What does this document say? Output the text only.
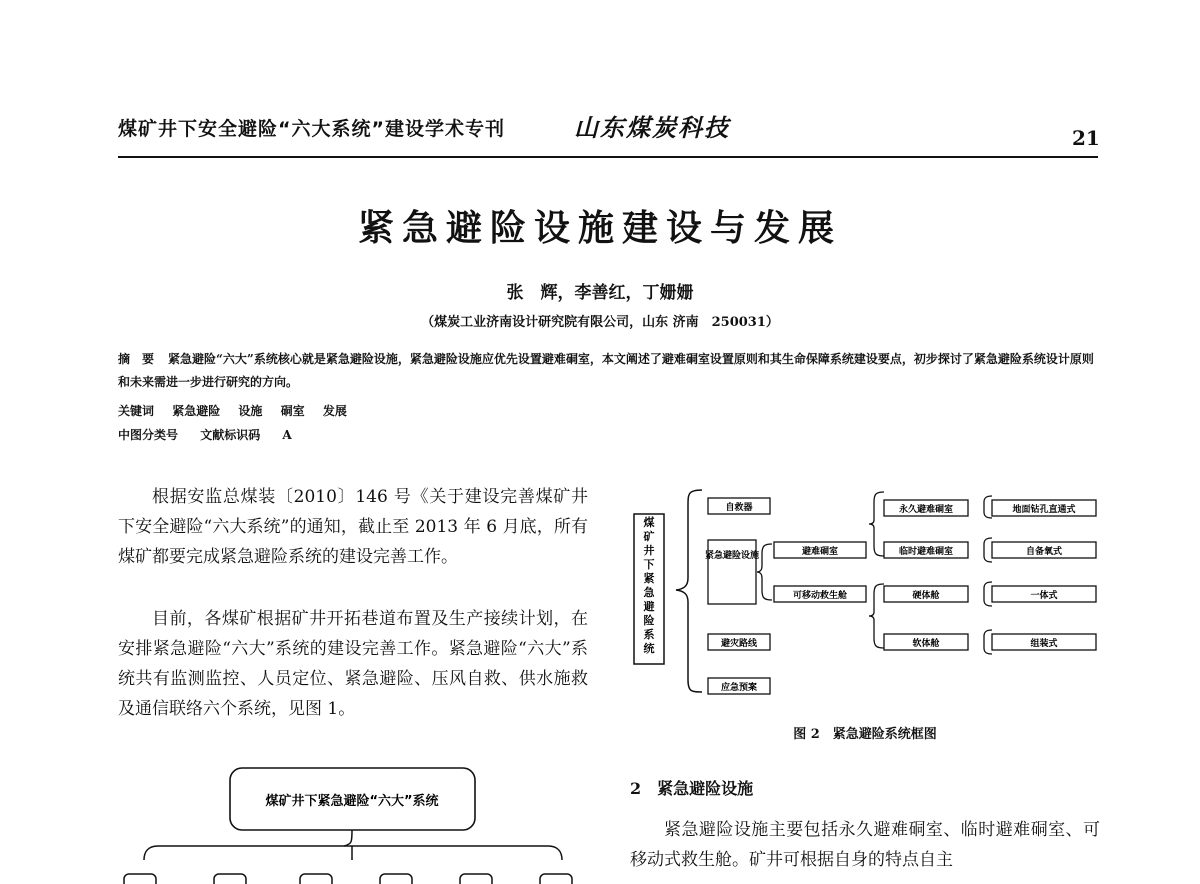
煤矿井下安全避险“六大系统”建设学术专刊	山东煤炭科技	21
紧急避险设施建设与发展
张　辉，李善红，丁姗姗
（煤炭工业济南设计研究院有限公司，山东 济南　250031）
摘　要 紧急避险“六大”系统核心就是紧急避险设施，紧急避险设施应优先设置避难硐室，本文阐述了避难硐室设置原则和其生命保障系统建设要点，初步探讨了紧急避险系统设计原则和未来需进一步进行研究的方向。
关键词 紧急避险 设施 硐室 发展
中图分类号 文献标识码 A
根据安监总煤装〔2010〕146 号《关于建设完善煤矿井下安全避险“六大系统”的通知，截止至 2013 年 6 月底，所有煤矿都要完成紧急避险系统的建设完善工作。
目前，各煤矿根据矿井开拓巷道布置及生产接续计划，在安排紧急避险“六大”系统的建设完善工作。紧急避险“六大”系统共有监测监控、人员定位、紧急避险、压风自救、供水施救及通信联络六个系统，见图 1。
煤矿井下紧急避险“六大”系统
煤矿井下紧急避险系统
自救器
紧急避险设施
避灾路线
应急预案
避难硐室
可移动救生舱
永久避难硐室
临时避难硐室
硬体舱
软体舱
地面钻孔直通式
自备氧式
一体式
组装式
图 2　紧急避险系统框图
2　紧急避险设施
紧急避险设施主要包括永久避难硐室、临时避难硐室、可移动式救生舱。矿井可根据自身的特点自主
